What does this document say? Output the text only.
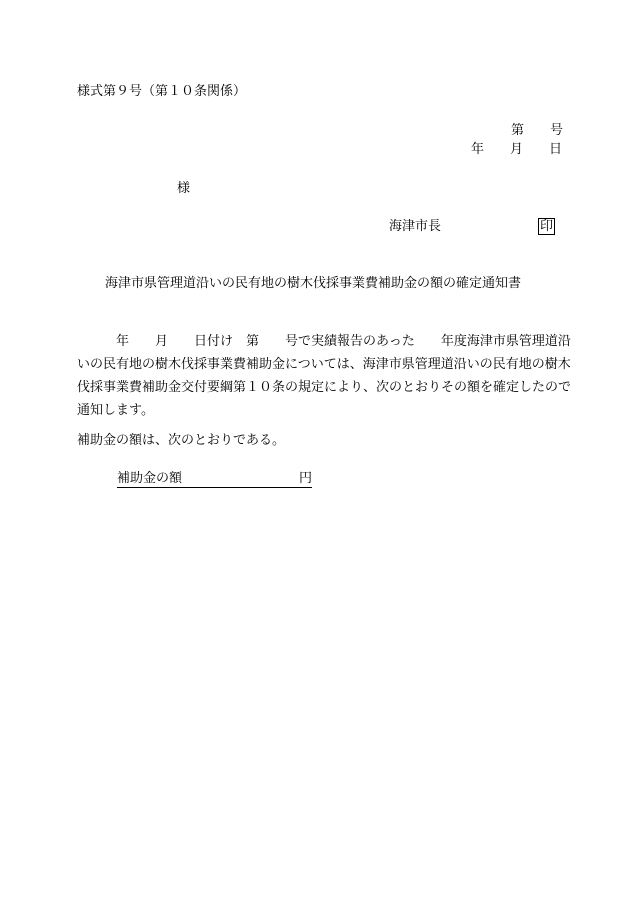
様式第９号（第１０条関係）
第　　号
年　　月　　日
様
海津市長	印
海津市県管理道沿いの民有地の樹木伐採事業費補助金の額の確定通知書
　　　年　　月　　日付け　第　　号で実績報告のあった　　年度海津市県管理道沿いの民有地の樹木伐採事業費補助金については、海津市県管理道沿いの民有地の樹木伐採事業費補助金交付要綱第１０条の規定により、次のとおりその額を確定したので通知します。
補助金の額は、次のとおりである。
補助金の額　　　　　　　　　	円
